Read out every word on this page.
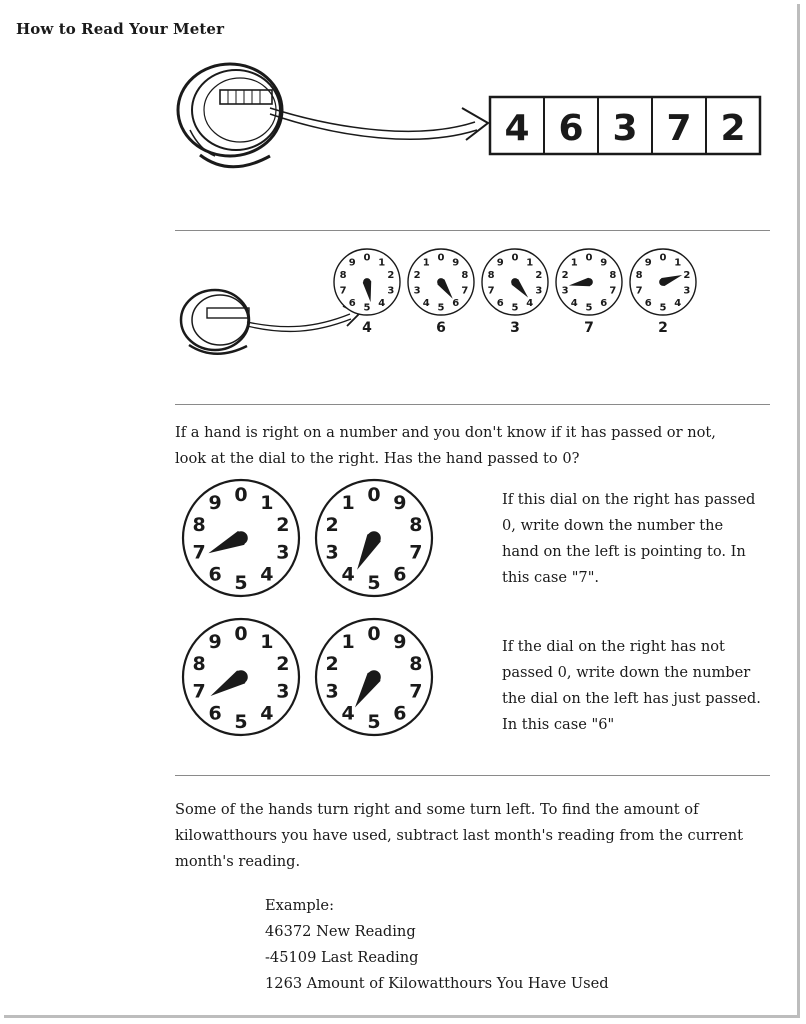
How to Read Your Meter
4 6 3 7 2
0 1
2
3
4
5
6
7
8
9
4
0 9
8
7
6
5
4
3
2
1
6
0 1
2
3
4
5
6
7
8
9
3
0 9
8
7
6
5
4
3
2
1
7
0 1
2
3
4
5
6
7
8
9
2
If a hand is right on a number and you don't know if it has passed or not,
look at the dial to the right. Has the hand passed to 0?
0 1
2
3
4
5
6
7
8
9	0 9
8
7
6
5
4
3
2
1
0 1
2
3
4
5
6
7
8
9	0 9
8
7
6
5
4
3
2
1
If this dial on the right has passed
0, write down the number the
hand on the left is pointing to. In
this case "7".
If the dial on the right has not
passed 0, write down the number
the dial on the left has just passed.
In this case "6"
Some of the hands turn right and some turn left. To find the amount of
kilowatthours you have used, subtract last month's reading from the current
month's reading.
Example:
46372 New Reading
-45109 Last Reading
1263 Amount of Kilowatthours You Have Used
